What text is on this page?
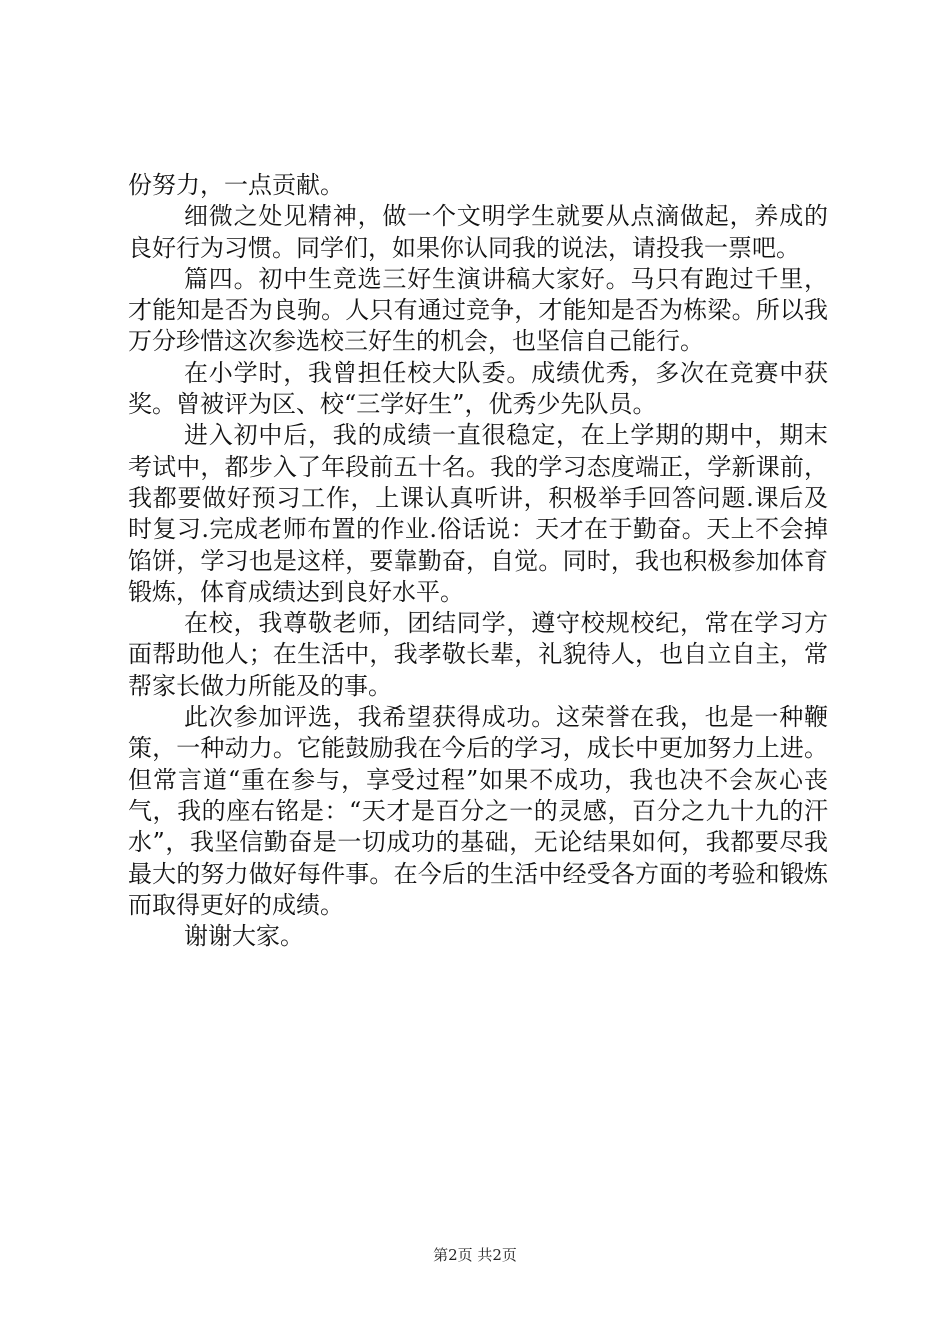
份努力，一点贡献。

细微之处见精神，做一个文明学生就要从点滴做起，养成的良好行为习惯。同学们，如果你认同我的说法，请投我一票吧。

篇四。初中生竞选三好生演讲稿大家好。马只有跑过千里，才能知是否为良驹。人只有通过竞争，才能知是否为栋梁。所以我万分珍惜这次参选校三好生的机会，也坚信自己能行。

在小学时，我曾担任校大队委。成绩优秀，多次在竞赛中获奖。曾被评为区、校“三学好生”，优秀少先队员。

进入初中后，我的成绩一直很稳定，在上学期的期中，期末考试中，都步入了年段前五十名。我的学习态度端正，学新课前，我都要做好预习工作，上课认真听讲，积极举手回答问题.课后及时复习.完成老师布置的作业.俗话说：天才在于勤奋。天上不会掉馅饼，学习也是这样，要靠勤奋，自觉。同时，我也积极参加体育锻炼，体育成绩达到良好水平。

在校，我尊敬老师，团结同学，遵守校规校纪，常在学习方面帮助他人；在生活中，我孝敬长辈，礼貌待人，也自立自主，常帮家长做力所能及的事。

此次参加评选，我希望获得成功。这荣誉在我，也是一种鞭策，一种动力。它能鼓励我在今后的学习，成长中更加努力上进。但常言道“重在参与，享受过程”如果不成功，我也决不会灰心丧气，我的座右铭是：“天才是百分之一的灵感，百分之九十九的汗水”，我坚信勤奋是一切成功的基础，无论结果如何，我都要尽我最大的努力做好每件事。在今后的生活中经受各方面的考验和锻炼而取得更好的成绩。

谢谢大家。

第2页 共2页
